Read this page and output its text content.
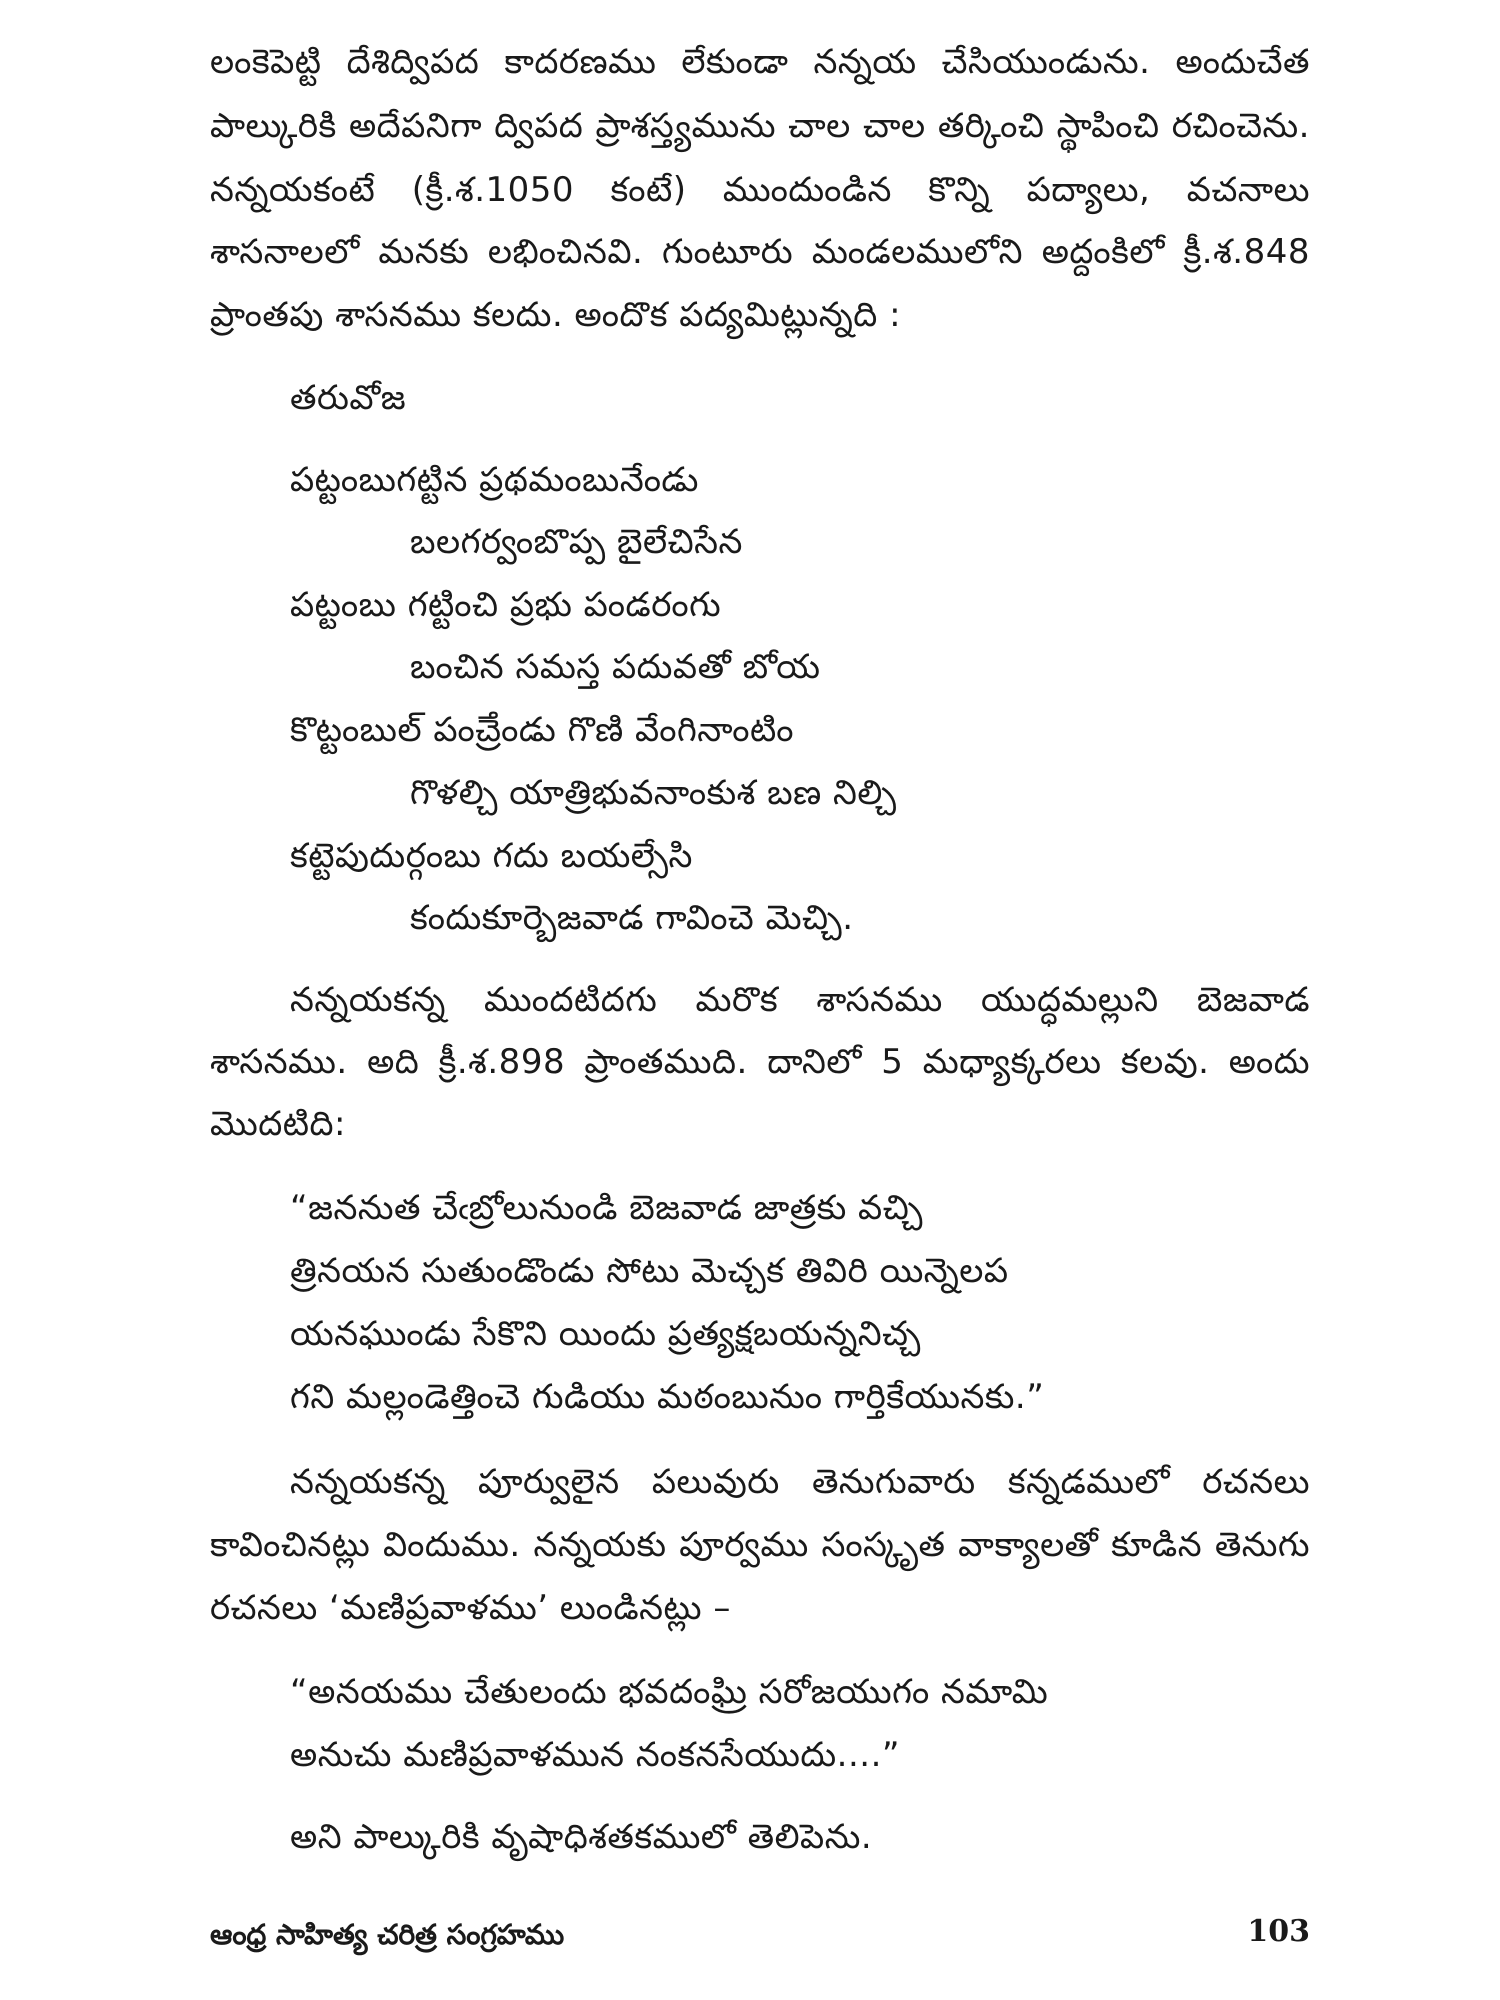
లంకెపెట్టి దేశిద్విపద కాదరణము లేకుండా నన్నయ చేసియుండును. అందుచేత
పాల్కురికి అదేపనిగా ద్విపద ప్రాశస్త్యమును చాల చాల తర్కించి స్థాపించి రచించెను.
నన్నయకంటే (క్రీ.శ.1050 కంటే) ముందుండిన కొన్ని పద్యాలు, వచనాలు
శాసనాలలో మనకు లభించినవి. గుంటూరు మండలములోని అద్దంకిలో క్రీ.శ.848
ప్రాంతపు శాసనము కలదు. అందొక పద్యమిట్లున్నది :
తరువోజ
పట్టంబుగట్టిన ప్రథమంబునేండు
బలగర్వంబొప్ప బైలేచిసేన
పట్టంబు గట్టించి ప్రభు పండరంగు
బంచిన సమస్త పదువతో బోయ
కొట్టంబుల్ పంౘ్రెండు గొణి వేంగినాంటిం
గొళల్చి యాత్రిభువనాంకుశ బణ నిల్చి
కట్టెపుదుర్గంబు గదు బయల్సేసి
కందుకూర్బెజవాడ గావించె మెచ్చి.
నన్నయకన్న ముందటిదగు మరొక శాసనము యుద్ధమల్లుని బెజవాడ
శాసనము. అది క్రీ.శ.898 ప్రాంతముది. దానిలో 5 మధ్యాక్కరలు కలవు. అందు
మొదటిది:
“జననుత చేఁబ్రోలునుండి బెజవాడ జాత్రకు వచ్చి
త్రినయన సుతుండొండు సోటు మెచ్చక తివిరి యిన్నెలప
యనఘుండు సేకొని యిందు ప్రత్యక్షబయన్ననిచ్చ
గని మల్లండెత్తించె గుడియు మఠంబునుం గార్తికేయునకు.”
నన్నయకన్న పూర్వులైన పలువురు తెనుగువారు కన్నడములో రచనలు
కావించినట్లు విందుము. నన్నయకు పూర్వము సంస్కృత వాక్యాలతో కూడిన తెనుగు
రచనలు ‘మణిప్రవాళము’ లుండినట్లు –
“అనయము చేతులందు భవదంఘ్రి సరోజయుగం నమామి
అనుచు మణిప్రవాళమున నంకనసేయుదు....”
అని పాల్కురికి వృషాధిశతకములో తెలిపెను.
ఆంధ్ర సాహిత్య చరిత్ర సంగ్రహము	103
